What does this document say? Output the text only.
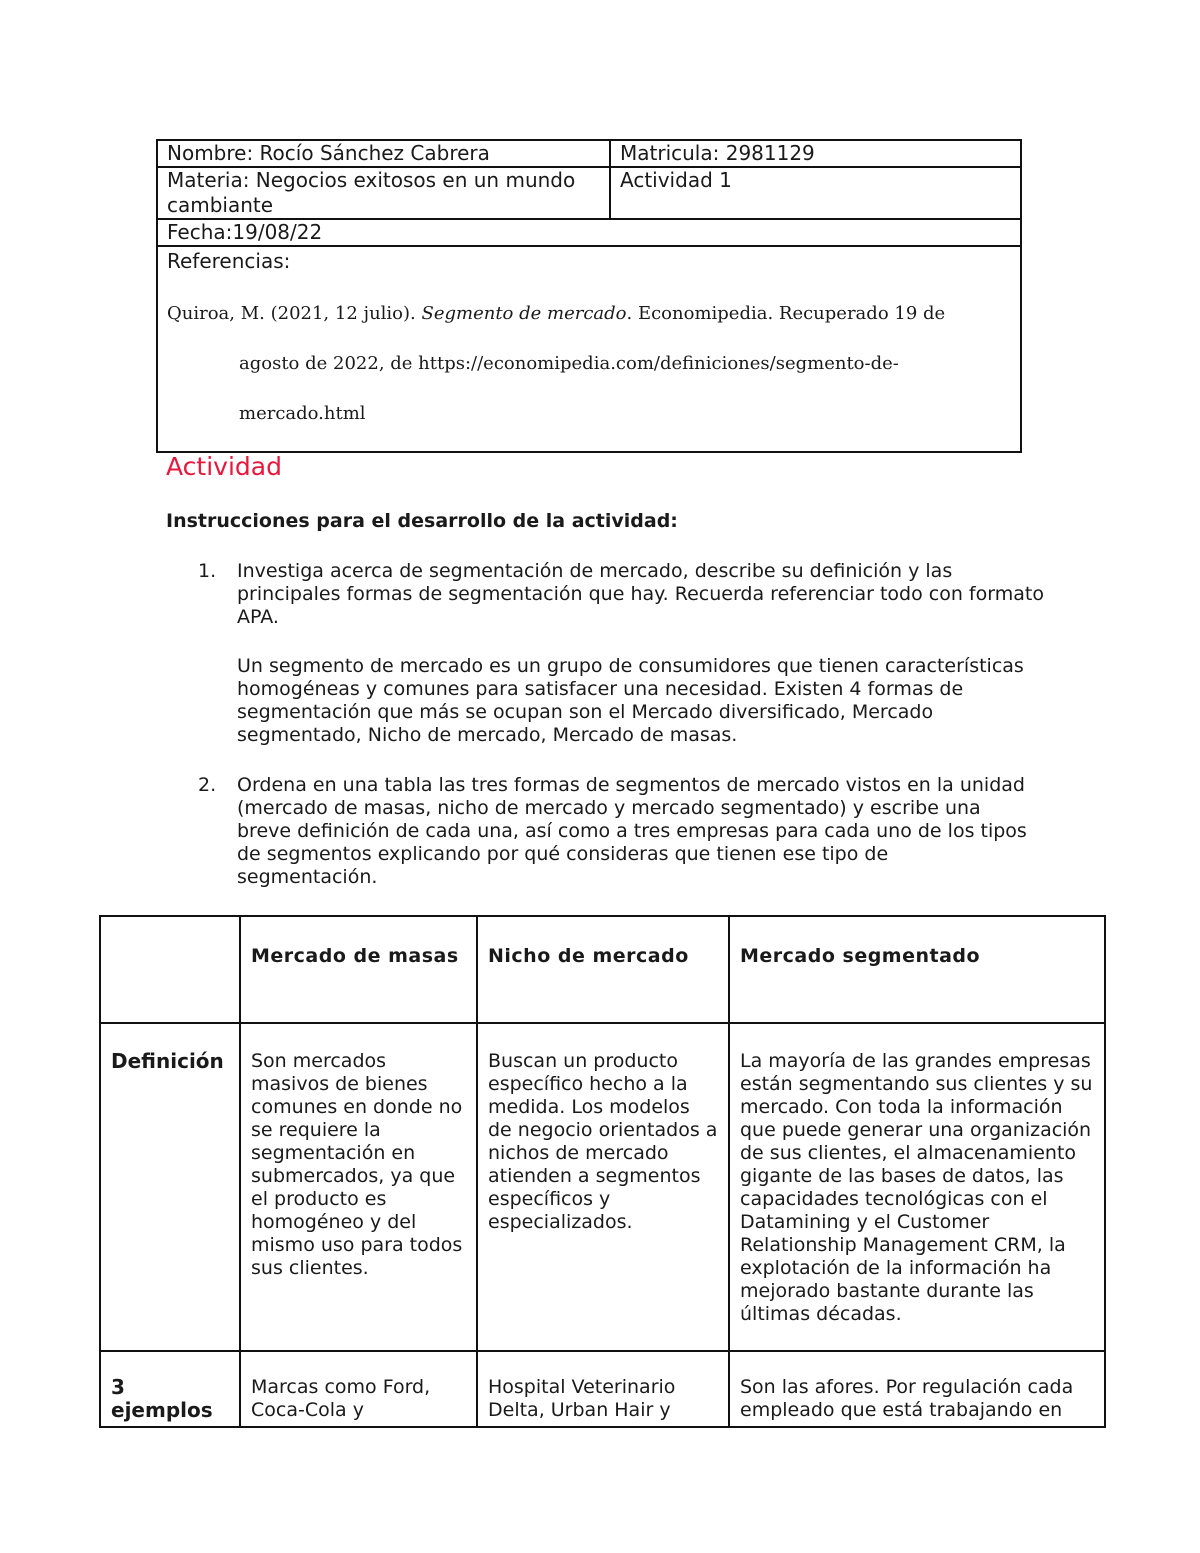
Nombre: Rocío Sánchez Cabrera	Matricula: 2981129
Materia: Negocios exitosos en un mundo cambiante	Actividad 1
Fecha:19/08/22	

Referencias:
Quiroa, M. (2021, 12 julio). Segmento de mercado. Economipedia. Recuperado 19 de agosto de 2022, de https://economipedia.com/definiciones/segmento-de-mercado.html	
Actividad
Instrucciones para el desarrollo de la actividad:
1. Investiga acerca de segmentación de mercado, describe su definición y las principales formas de segmentación que hay. Recuerda referenciar todo con formato APA.
Un segmento de mercado es un grupo de consumidores que tienen características homogéneas y comunes para satisfacer una necesidad. Existen 4 formas de segmentación que más se ocupan son el Mercado diversificado, Mercado segmentado, Nicho de mercado, Mercado de masas.
2. Ordena en una tabla las tres formas de segmentos de mercado vistos en la unidad (mercado de masas, nicho de mercado y mercado segmentado) y escribe una breve definición de cada una, así como a tres empresas para cada uno de los tipos de segmentos explicando por qué consideras que tienen ese tipo de segmentación.
	Mercado de masas	Nicho de mercado	Mercado segmentado
Definición	Son mercados masivos de bienes comunes en donde no se requiere la segmentación en submercados, ya que el producto es homogéneo y del mismo uso para todos sus clientes.	Buscan un producto específico hecho a la medida. Los modelos de negocio orientados a nichos de mercado atienden a segmentos específicos y especializados.	La mayoría de las grandes empresas están segmentando sus clientes y su mercado. Con toda la información que puede generar una organización de sus clientes, el almacenamiento gigante de las bases de datos, las capacidades tecnológicas con el Datamining y el Customer Relationship Management CRM, la explotación de la información ha mejorado bastante durante las últimas décadas.
3 ejemplos	Marcas como Ford, Coca-Cola y	Hospital Veterinario Delta, Urban Hair y	Son las afores. Por regulación cada empleado que está trabajando en
